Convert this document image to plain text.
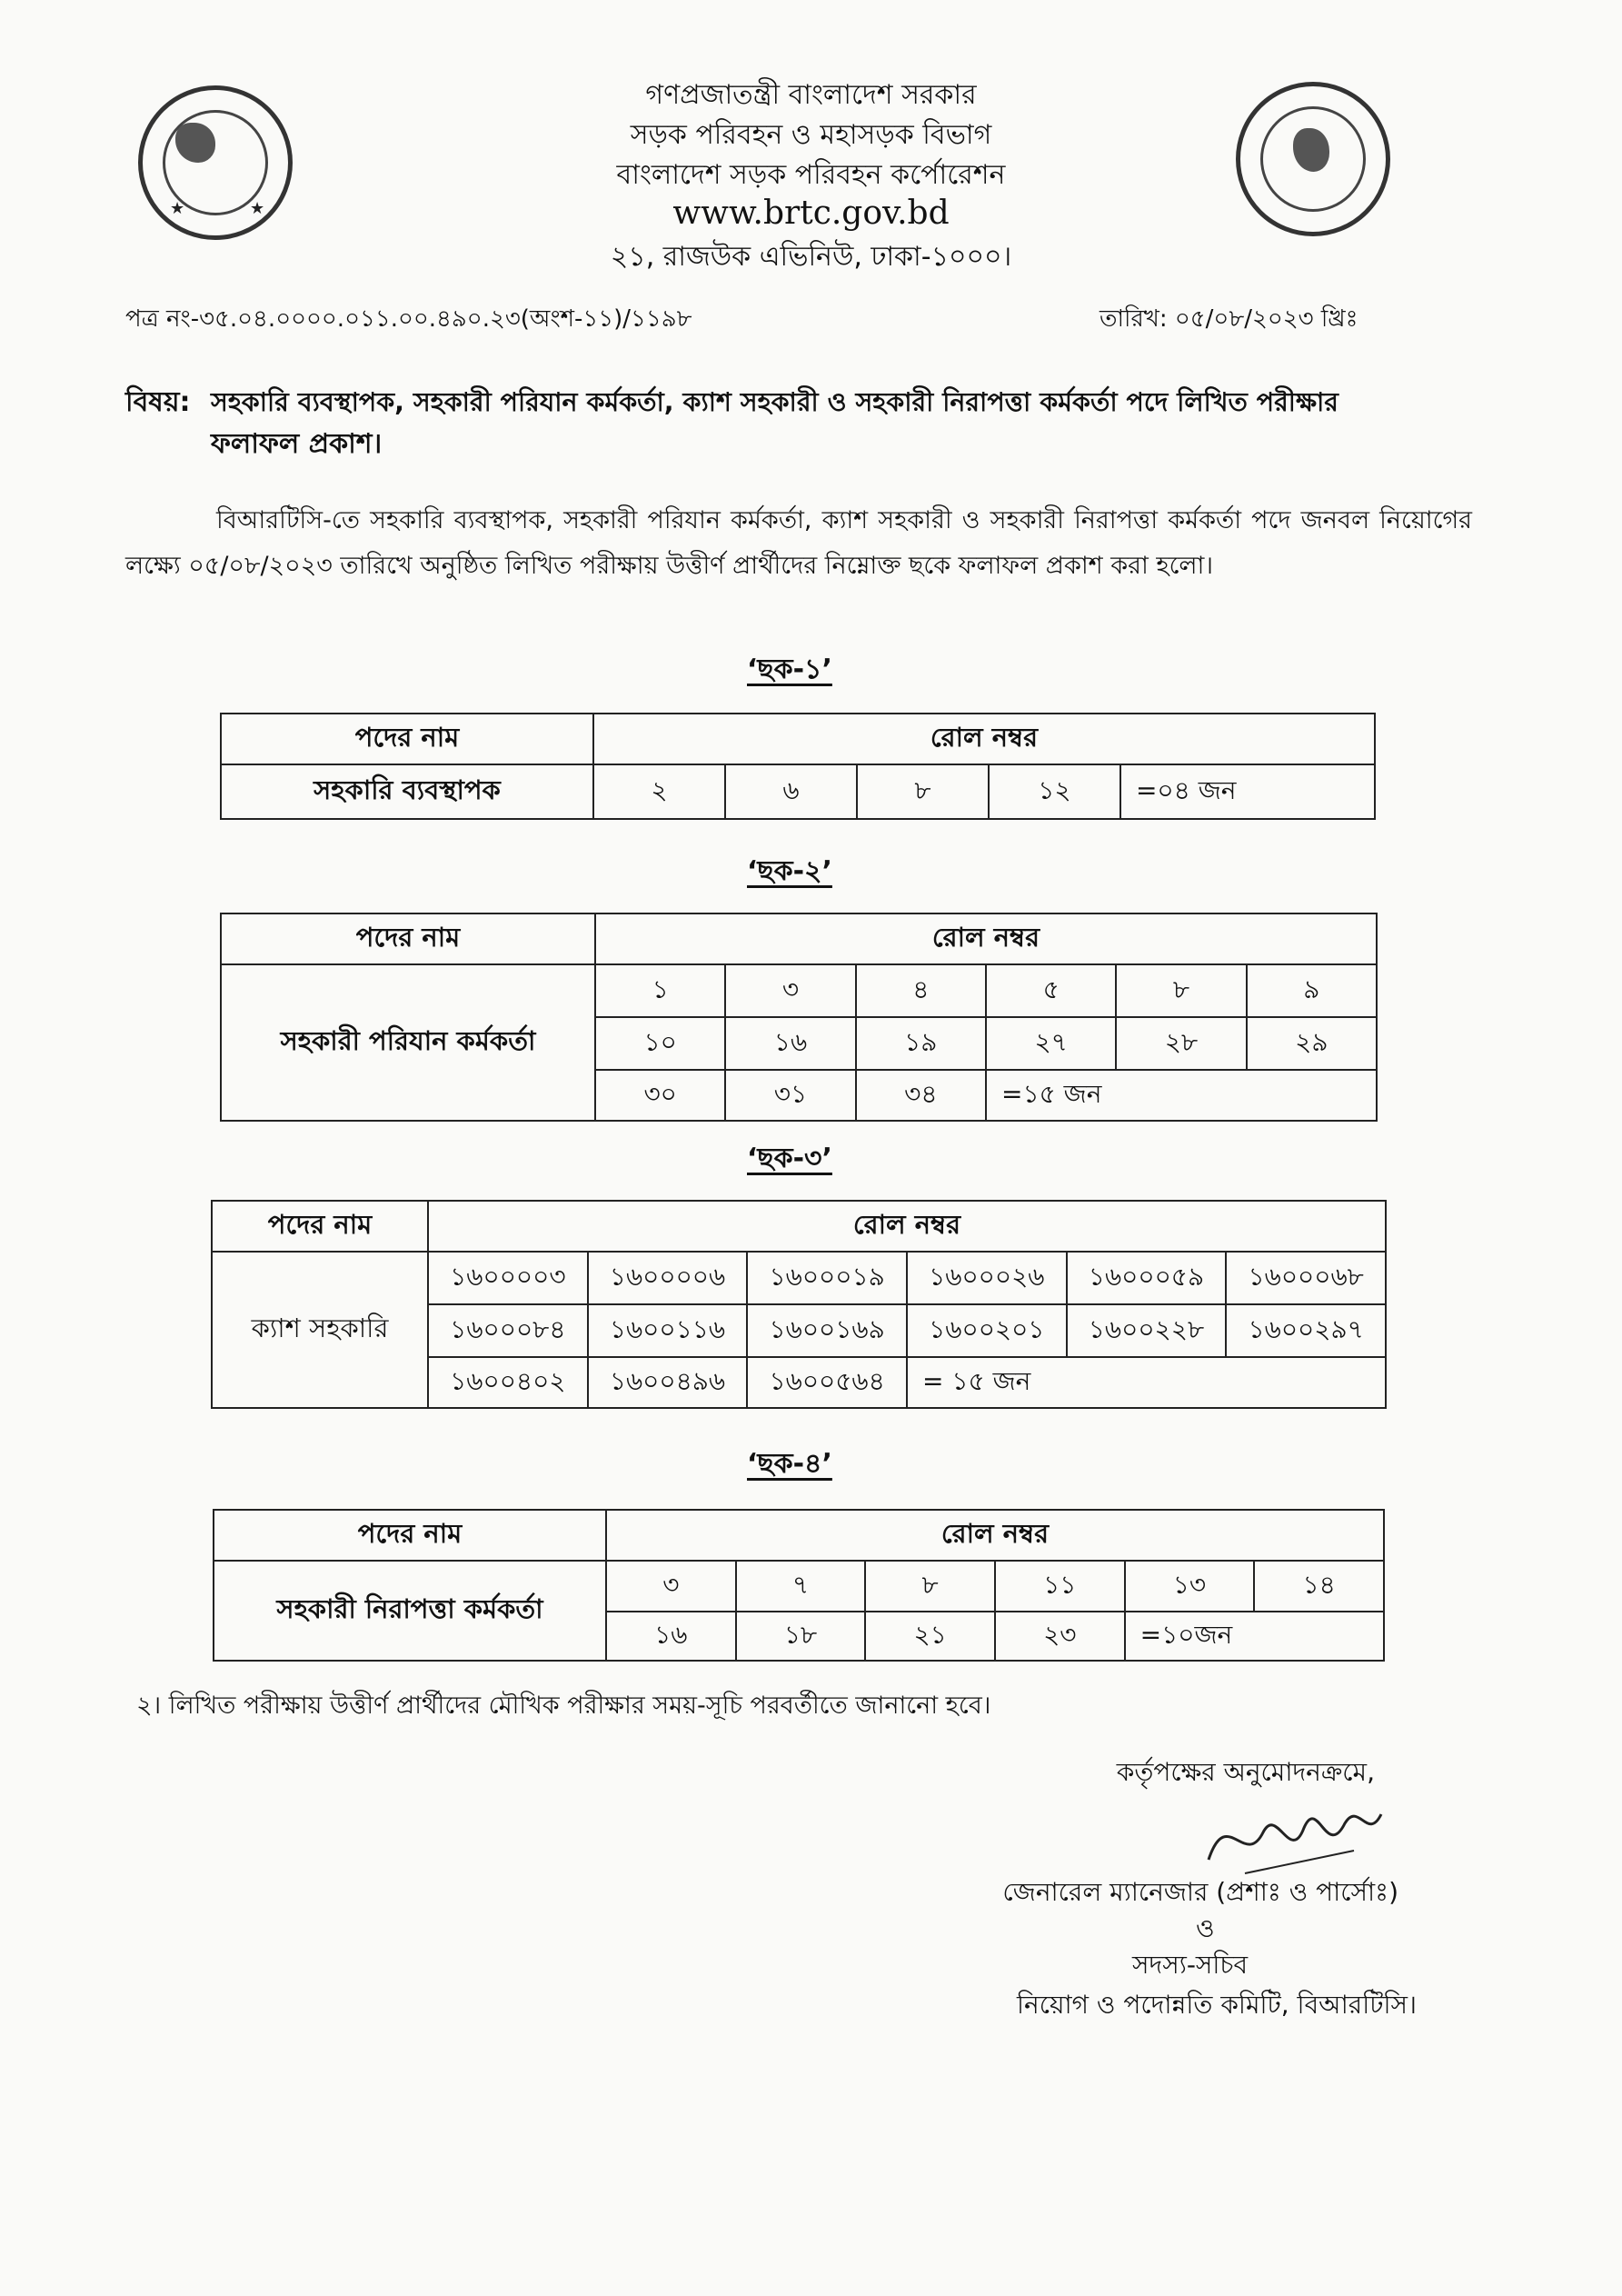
★	★
গণপ্রজাতন্ত্রী বাংলাদেশ সরকার
সড়ক পরিবহন ও মহাসড়ক বিভাগ
বাংলাদেশ সড়ক পরিবহন কর্পোরেশন
www.brtc.gov.bd
২১, রাজউক এভিনিউ, ঢাকা-১০০০।
পত্র নং-৩৫.০৪.০০০০.০১১.০০.৪৯০.২৩(অংশ-১১)/১১৯৮	তারিখ: ০৫/০৮/২০২৩ খ্রিঃ
বিষয়: সহকারি ব্যবস্থাপক, সহকারী পরিযান কর্মকর্তা, ক্যাশ সহকারী ও সহকারী নিরাপত্তা কর্মকর্তা পদে লিখিত পরীক্ষার
ফলাফল প্রকাশ।
বিআরটিসি-তে সহকারি ব্যবস্থাপক, সহকারী পরিযান কর্মকর্তা, ক্যাশ সহকারী ও সহকারী নিরাপত্তা কর্মকর্তা পদে জনবল নিয়োগের লক্ষ্যে ০৫/০৮/২০২৩ তারিখে অনুষ্ঠিত লিখিত পরীক্ষায় উত্তীর্ণ প্রার্থীদের নিম্নোক্ত ছকে ফলাফল প্রকাশ করা হলো।
‘ছক-১’
পদের নাম	রোল নম্বর				
সহকারি ব্যবস্থাপক	২	৬	৮	১২	=০৪ জন
‘ছক-২’
পদের নাম	রোল নম্বর					
সহকারী পরিযান কর্মকর্তা	১	৩	৪	৫	৮	৯
	১০	১৬	১৯	২৭	২৮	২৯
	৩০	৩১	৩৪	=১৫ জন		
‘ছক-৩’
পদের নাম	রোল নম্বর					
ক্যাশ সহকারি	১৬০০০০৩	১৬০০০০৬	১৬০০০১৯	১৬০০০২৬	১৬০০০৫৯	১৬০০০৬৮
	১৬০০০৮৪	১৬০০১১৬	১৬০০১৬৯	১৬০০২০১	১৬০০২২৮	১৬০০২৯৭
	১৬০০৪০২	১৬০০৪৯৬	১৬০০৫৬৪	= ১৫ জন		
‘ছক-৪’
পদের নাম	রোল নম্বর					
সহকারী নিরাপত্তা কর্মকর্তা	৩	৭	৮	১১	১৩	১৪
	১৬	১৮	২১	২৩	=১০জন	
২। লিখিত পরীক্ষায় উত্তীর্ণ প্রার্থীদের মৌখিক পরীক্ষার সময়-সূচি পরবর্তীতে জানানো হবে।
কর্তৃপক্ষের অনুমোদনক্রমে,
জেনারেল ম্যানেজার (প্রশাঃ ও পার্সোঃ)
ও
সদস্য-সচিব
নিয়োগ ও পদোন্নতি কমিটি, বিআরটিসি।
